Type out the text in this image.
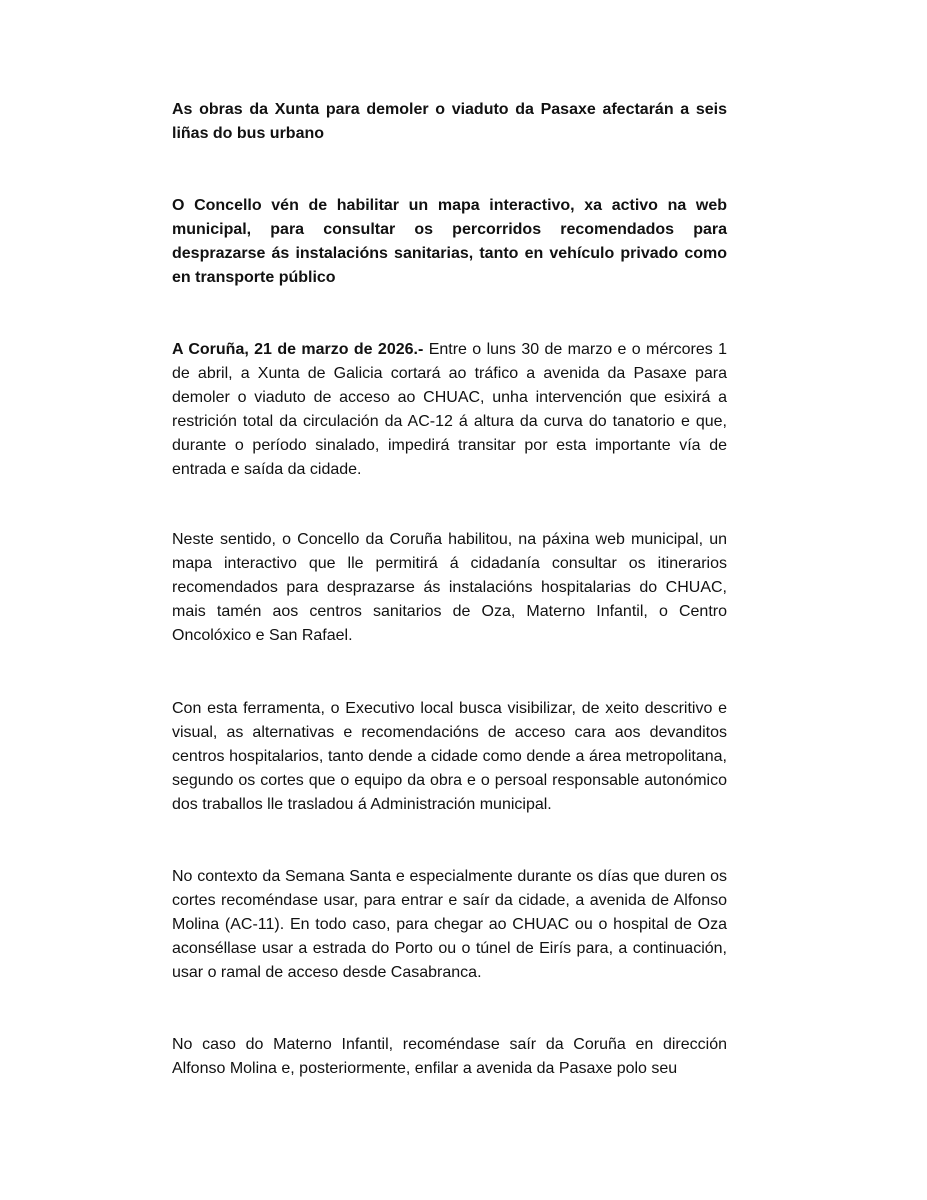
As obras da Xunta para demoler o viaduto da Pasaxe afectarán a seis liñas do bus urbano

O Concello vén de habilitar un mapa interactivo, xa activo na web municipal, para consultar os percorridos recomendados para desprazarse ás instalacións sanitarias, tanto en vehículo privado como en transporte público

A Coruña, 21 de marzo de 2026.- Entre o luns 30 de marzo e o mércores 1 de abril, a Xunta de Galicia cortará ao tráfico a avenida da Pasaxe para demoler o viaduto de acceso ao CHUAC, unha intervención que esixirá a restrición total da circulación da AC-12 á altura da curva do tanatorio e que, durante o período sinalado, impedirá transitar por esta importante vía de entrada e saída da cidade.

Neste sentido, o Concello da Coruña habilitou, na páxina web municipal, un mapa interactivo que lle permitirá á cidadanía consultar os itinerarios recomendados para desprazarse ás instalacións hospitalarias do CHUAC, mais tamén aos centros sanitarios de Oza, Materno Infantil, o Centro Oncolóxico e San Rafael.

Con esta ferramenta, o Executivo local busca visibilizar, de xeito descritivo e visual, as alternativas e recomendacións de acceso cara aos devanditos centros hospitalarios, tanto dende a cidade como dende a área metropolitana, segundo os cortes que o equipo da obra e o persoal responsable autonómico dos traballos lle trasladou á Administración municipal.

No contexto da Semana Santa e especialmente durante os días que duren os cortes recoméndase usar, para entrar e saír da cidade, a avenida de Alfonso Molina (AC-11). En todo caso, para chegar ao CHUAC ou o hospital de Oza aconséllase usar a estrada do Porto ou o túnel de Eirís para, a continuación, usar o ramal de acceso desde Casabranca.

No caso do Materno Infantil, recoméndase saír da Coruña en dirección Alfonso Molina e, posteriormente, enfilar a avenida da Pasaxe polo seu
